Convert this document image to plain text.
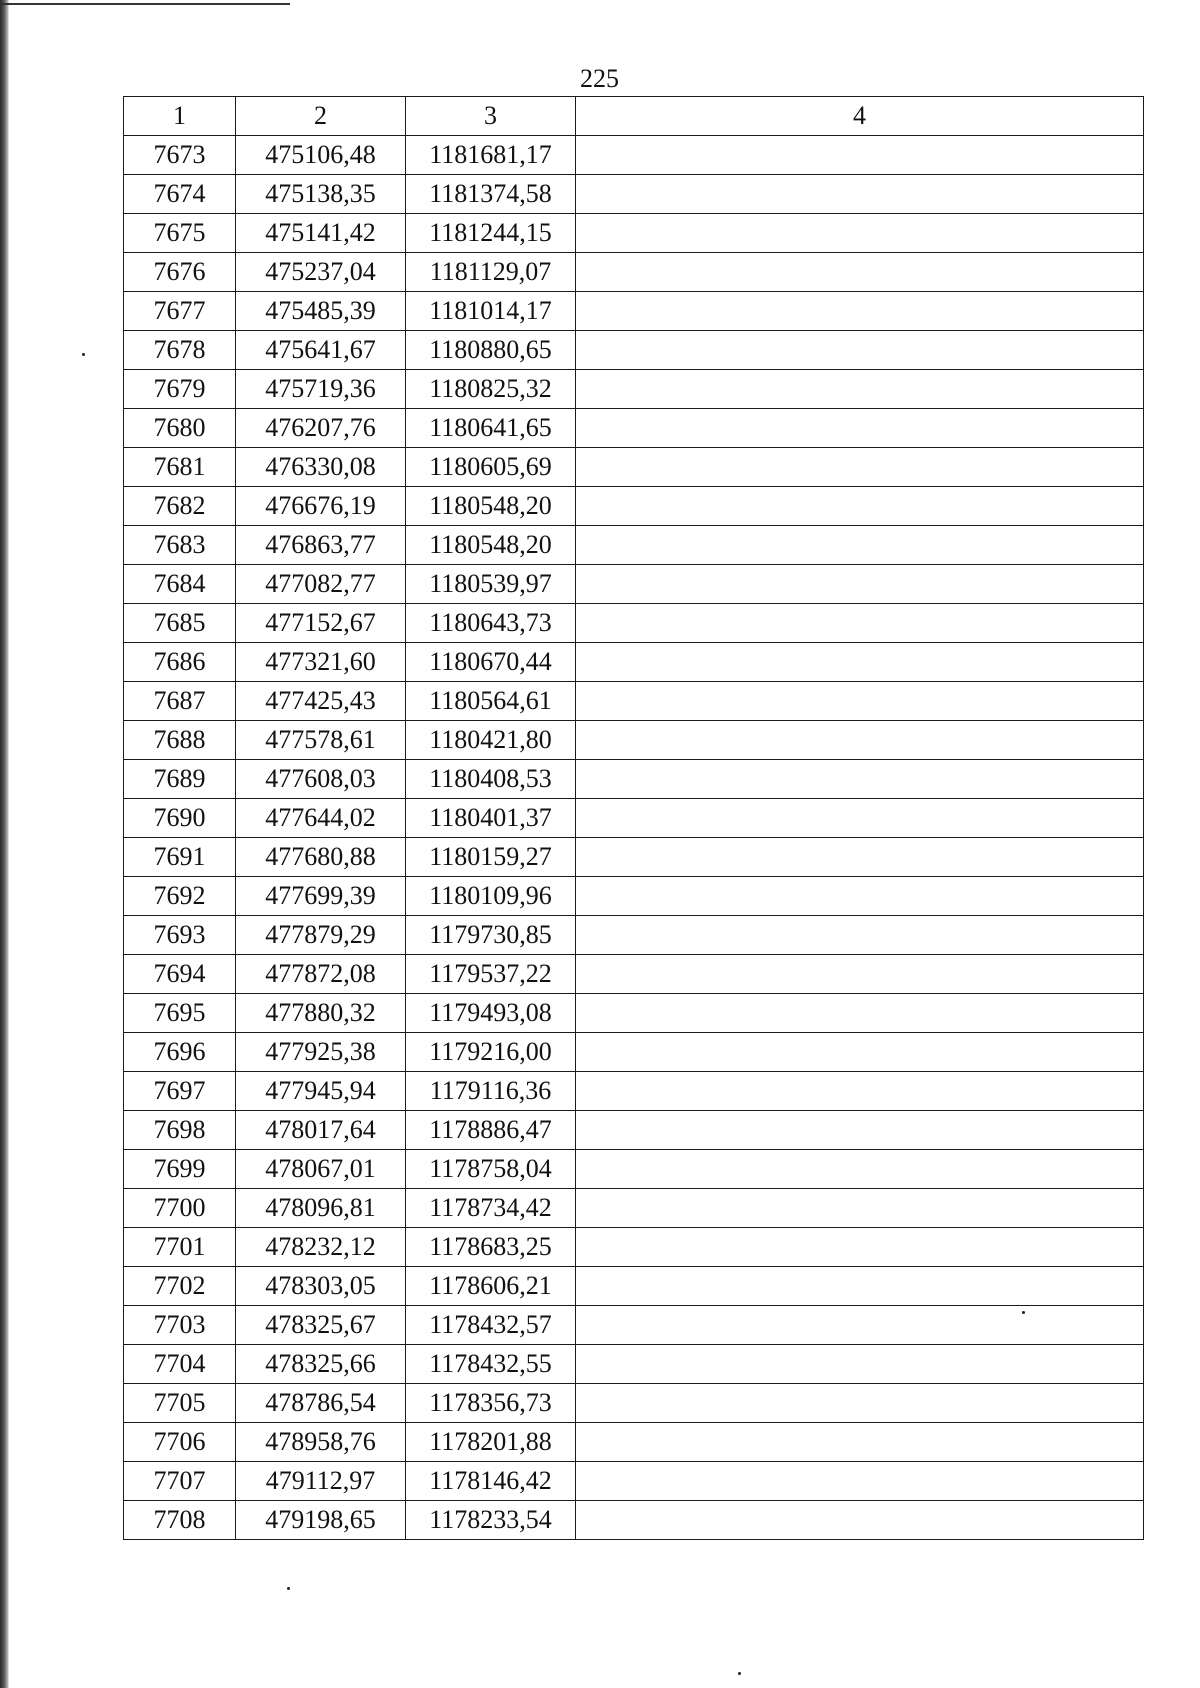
225
1	2	3	4
7673	475106,48	1181681,17	
7674	475138,35	1181374,58	
7675	475141,42	1181244,15	
7676	475237,04	1181129,07	
7677	475485,39	1181014,17	
7678	475641,67	1180880,65	
7679	475719,36	1180825,32	
7680	476207,76	1180641,65	
7681	476330,08	1180605,69	
7682	476676,19	1180548,20	
7683	476863,77	1180548,20	
7684	477082,77	1180539,97	
7685	477152,67	1180643,73	
7686	477321,60	1180670,44	
7687	477425,43	1180564,61	
7688	477578,61	1180421,80	
7689	477608,03	1180408,53	
7690	477644,02	1180401,37	
7691	477680,88	1180159,27	
7692	477699,39	1180109,96	
7693	477879,29	1179730,85	
7694	477872,08	1179537,22	
7695	477880,32	1179493,08	
7696	477925,38	1179216,00	
7697	477945,94	1179116,36	
7698	478017,64	1178886,47	
7699	478067,01	1178758,04	
7700	478096,81	1178734,42	
7701	478232,12	1178683,25	
7702	478303,05	1178606,21	
7703	478325,67	1178432,57	
7704	478325,66	1178432,55	
7705	478786,54	1178356,73	
7706	478958,76	1178201,88	
7707	479112,97	1178146,42	
7708	479198,65	1178233,54	
